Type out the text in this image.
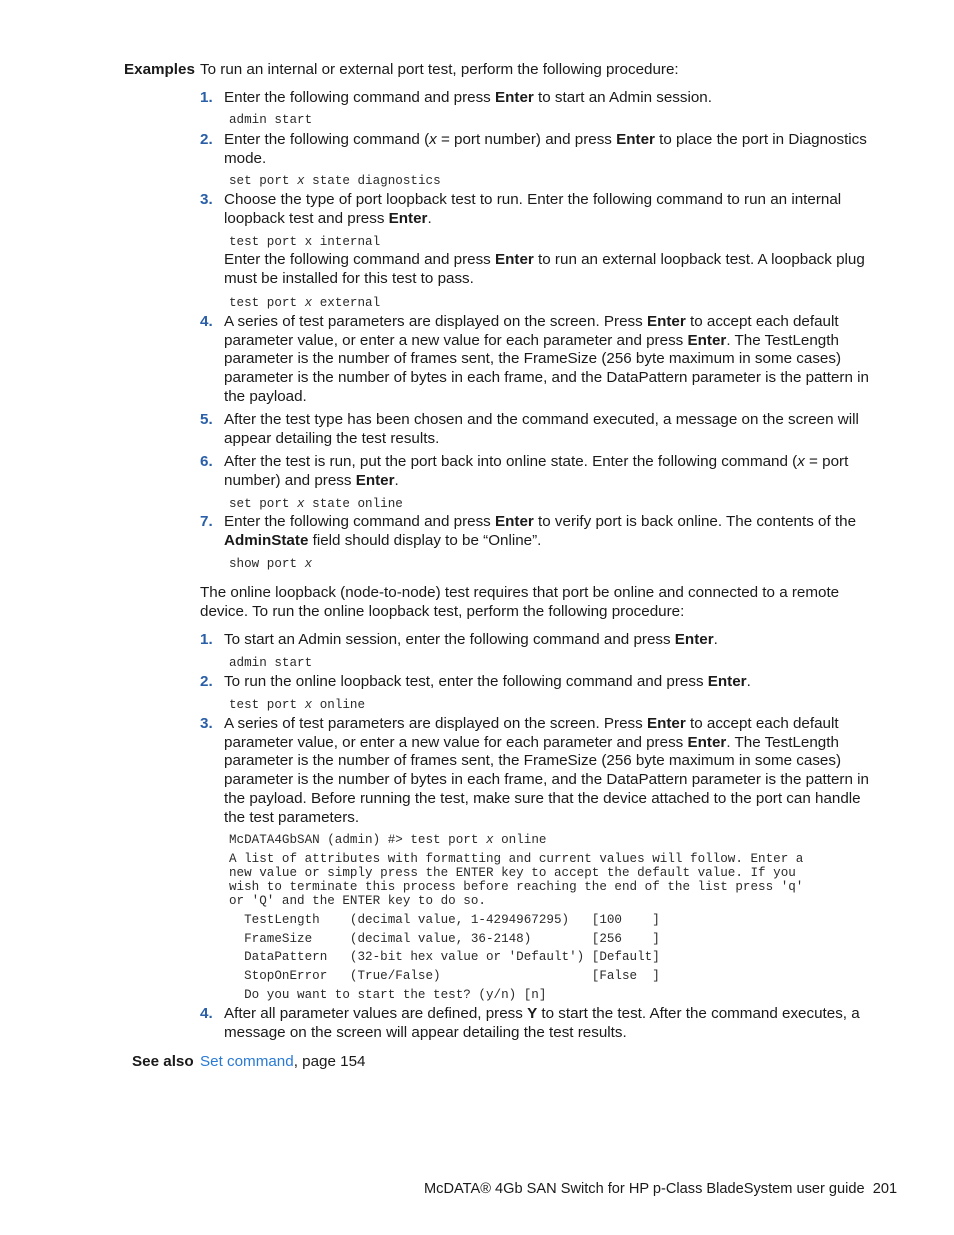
Examples To run an internal or external port test, perform the following procedure:
1. Enter the following command and press Enter to start an Admin session.
admin start
2. Enter the following command (x = port number) and press Enter to place the port in Diagnostics
mode.
set port x state diagnostics
3. Choose the type of port loopback test to run. Enter the following command to run an internal
loopback test and press Enter.
test port x internal
Enter the following command and press Enter to run an external loopback test. A loopback plug
must be installed for this test to pass.
test port x external
4. A series of test parameters are displayed on the screen. Press Enter to accept each default
parameter value, or enter a new value for each parameter and press Enter. The TestLength
parameter is the number of frames sent, the FrameSize (256 byte maximum in some cases)
parameter is the number of bytes in each frame, and the DataPattern parameter is the pattern in
the payload.
5. After the test type has been chosen and the command executed, a message on the screen will
appear detailing the test results.
6. After the test is run, put the port back into online state. Enter the following command (x = port
number) and press Enter.
set port x state online
7. Enter the following command and press Enter to verify port is back online. The contents of the
AdminState field should display to be “Online”.
show port x
The online loopback (node-to-node) test requires that port be online and connected to a remote
device. To run the online loopback test, perform the following procedure:
1. To start an Admin session, enter the following command and press Enter.
admin start
2. To run the online loopback test, enter the following command and press Enter.
test port x online
3. A series of test parameters are displayed on the screen. Press Enter to accept each default
parameter value, or enter a new value for each parameter and press Enter. The TestLength
parameter is the number of frames sent, the FrameSize (256 byte maximum in some cases)
parameter is the number of bytes in each frame, and the DataPattern parameter is the pattern in
the payload. Before running the test, make sure that the device attached to the port can handle
the test parameters.
McDATA4GbSAN (admin) #> test port x online
A list of attributes with formatting and current values will follow. Enter a
new value or simply press the ENTER key to accept the default value. If you
wish to terminate this process before reaching the end of the list press 'q'
or 'Q' and the ENTER key to do so.
TestLength    (decimal value, 1-4294967295)   [100    ]
FrameSize     (decimal value, 36-2148)        [256    ]
DataPattern   (32-bit hex value or 'Default') [Default]
StopOnError   (True/False)                    [False  ]
Do you want to start the test? (y/n) [n]
4. After all parameter values are defined, press Y to start the test. After the command executes, a
message on the screen will appear detailing the test results.
See also Set command, page 154
McDATA® 4Gb SAN Switch for HP p-Class BladeSystem user guide 201
